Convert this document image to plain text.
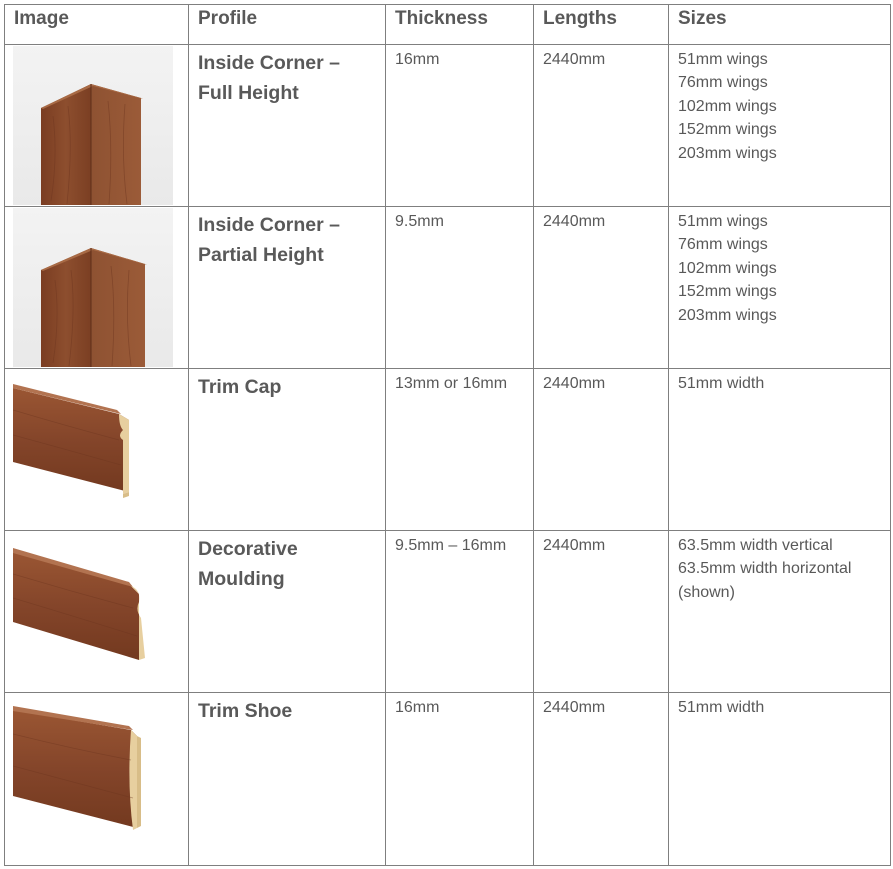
Image	Profile	Thickness	Lengths	Sizes

Inside Corner –
Full Height	16mm	2440mm	51mm wings
76mm wings
102mm wings
152mm wings
203mm wings

Inside Corner –
Partial Height	9.5mm	2440mm	51mm wings
76mm wings
102mm wings
152mm wings
203mm wings

Trim Cap	13mm or 16mm	2440mm	51mm width

Decorative
Moulding	9.5mm – 16mm	2440mm	63.5mm width vertical
63.5mm width horizontal
(shown)

Trim Shoe	16mm	2440mm	51mm width
